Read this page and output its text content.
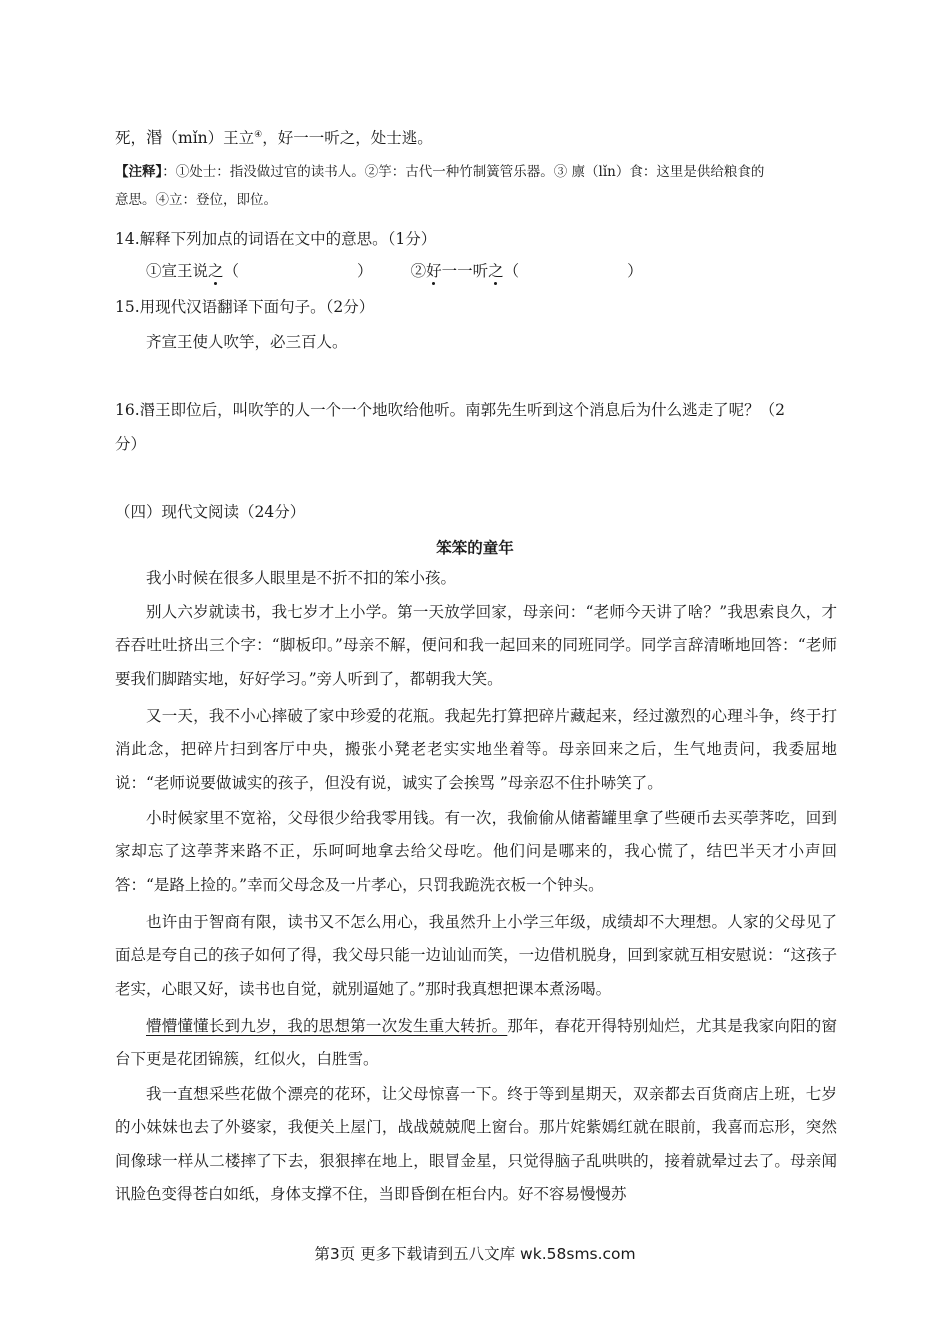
死，湣（mǐn）王立④，好一一听之，处士逃。
【注释】：①处士：指没做过官的读书人。②竽：古代一种竹制簧管乐器。③ 廪（lǐn）食：这里是供给粮食的
意思。④立：登位，即位。
14.解释下列加点的词语在文中的意思。（1分）
①宣王说之（	） ②好一一听之（	）
15.用现代汉语翻译下面句子。（2分）
齐宣王使人吹竽，必三百人。
16.湣王即位后，叫吹竽的人一个一个地吹给他听。南郭先生听到这个消息后为什么逃走了呢？（2
分）
（四）现代文阅读（24分）
笨笨的童年
我小时候在很多人眼里是不折不扣的笨小孩。
别人六岁就读书，我七岁才上小学。第一天放学回家，母亲问：“老师今天讲了啥？”我思索良久，才吞吞吐吐挤出三个字：“脚板印。”母亲不解，便问和我一起回来的同班同学。同学言辞清晰地回答：“老师要我们脚踏实地，好好学习。”旁人听到了，都朝我大笑。
又一天，我不小心摔破了家中珍爱的花瓶。我起先打算把碎片藏起来，经过激烈的心理斗争，终于打消此念，把碎片扫到客厅中央，搬张小凳老老实实地坐着等。母亲回来之后，生气地责问，我委屈地说：“老师说要做诚实的孩子，但没有说，诚实了会挨骂 ”母亲忍不住扑哧笑了。
小时候家里不宽裕，父母很少给我零用钱。有一次，我偷偷从储蓄罐里拿了些硬币去买荸荠吃，回到家却忘了这荸荠来路不正，乐呵呵地拿去给父母吃。他们问是哪来的，我心慌了，结巴半天才小声回答：“是路上捡的。”幸而父母念及一片孝心，只罚我跪洗衣板一个钟头。
也许由于智商有限，读书又不怎么用心，我虽然升上小学三年级，成绩却不大理想。人家的父母见了面总是夸自己的孩子如何了得，我父母只能一边讪讪而笑，一边借机脱身，回到家就互相安慰说：“这孩子老实，心眼又好，读书也自觉，就别逼她了。”那时我真想把课本煮汤喝。
懵懵懂懂长到九岁，我的思想第一次发生重大转折。那年，春花开得特别灿烂，尤其是我家向阳的窗台下更是花团锦簇，红似火，白胜雪。
我一直想采些花做个漂亮的花环，让父母惊喜一下。终于等到星期天，双亲都去百货商店上班，七岁的小妹妹也去了外婆家，我便关上屋门，战战兢兢爬上窗台。那片姹紫嫣红就在眼前，我喜而忘形，突然间像球一样从二楼摔了下去，狠狠摔在地上，眼冒金星，只觉得脑子乱哄哄的，接着就晕过去了。母亲闻讯脸色变得苍白如纸，身体支撑不住，当即昏倒在柜台内。好不容易慢慢苏
第3页 更多下载请到五八文库 wk.58sms.com
